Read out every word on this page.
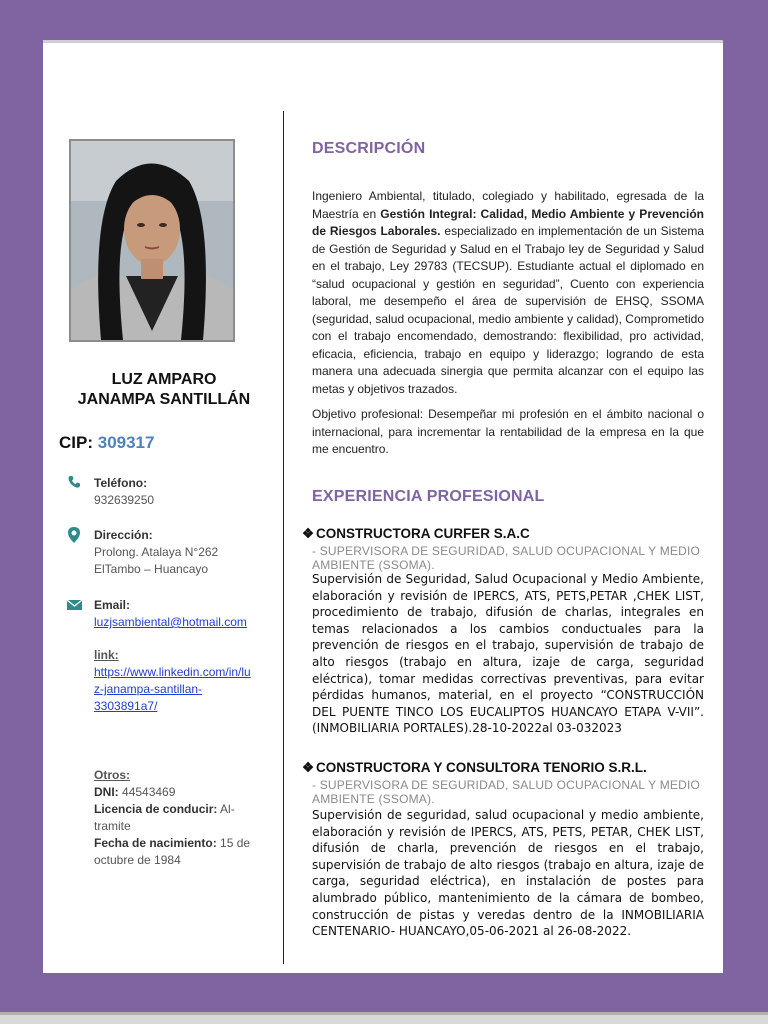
LUZ AMPARO
JANAMPA SANTILLÁN
CIP: 309317
Teléfono:
932639250
Dirección:
Prolong. Atalaya N°262
ElTambo – Huancayo
Email:
luzjsambiental@hotmail.com
link:
https://www.linkedin.com/in/lu
z-janampa-santillan-
3303891a7/
Otros:
DNI: 44543469
Licencia de conducir: Al-tramite
Fecha de nacimiento: 15 de octubre de 1984
DESCRIPCIÓN
Ingeniero Ambiental, titulado, colegiado y habilitado, egresada de la Maestría en Gestión Integral: Calidad, Medio Ambiente y Prevención de Riesgos Laborales. especializado en implementación de un Sistema de Gestión de Seguridad y Salud en el Trabajo ley de Seguridad y Salud en el trabajo, Ley 29783 (TECSUP). Estudiante actual el diplomado en “salud ocupacional y gestión en seguridad”, Cuento con experiencia laboral, me desempeño el área de supervisión de EHSQ, SSOMA (seguridad, salud ocupacional, medio ambiente y calidad), Comprometido con el trabajo encomendado, demostrando: flexibilidad, pro actividad, eficacia, eficiencia, trabajo en equipo y liderazgo; logrando de esta manera una adecuada sinergia que permita alcanzar con el equipo las metas y objetivos trazados.
Objetivo profesional: Desempeñar mi profesión en el ámbito nacional o internacional, para incrementar la rentabilidad de la empresa en la que me encuentro.
EXPERIENCIA PROFESIONAL
❖ CONSTRUCTORA CURFER S.A.C
- SUPERVISORA DE SEGURIDAD, SALUD OCUPACIONAL Y MEDIO AMBIENTE (SSOMA).
Supervisión de Seguridad, Salud Ocupacional y Medio Ambiente, elaboración y revisión de IPERCS, ATS, PETS,PETAR ,CHEK LIST, procedimiento de trabajo, difusión de charlas, integrales en temas relacionados a los cambios conductuales para la prevención de riesgos en el trabajo, supervisión de trabajo de alto riesgos (trabajo en altura, izaje de carga, seguridad eléctrica), tomar medidas correctivas preventivas, para evitar pérdidas humanos, material, en el proyecto “CONSTRUCCIÓN DEL PUENTE TINCO LOS EUCALIPTOS HUANCAYO ETAPA V-VII”. (INMOBILIARIA PORTALES).28-10-2022al 03-032023
❖ CONSTRUCTORA Y CONSULTORA TENORIO S.R.L.
- SUPERVISORA DE SEGURIDAD, SALUD OCUPACIONAL Y MEDIO AMBIENTE (SSOMA).
Supervisión de seguridad, salud ocupacional y medio ambiente, elaboración y revisión de IPERCS, ATS, PETS, PETAR, CHEK LIST, difusión de charla, prevención de riesgos en el trabajo, supervisión de trabajo de alto riesgos (trabajo en altura, izaje de carga, seguridad eléctrica), en instalación de postes para alumbrado público, mantenimiento de la cámara de bombeo, construcción de pistas y veredas dentro de la INMOBILIARIA CENTENARIO- HUANCAYO,05-06-2021 al 26-08-2022.
